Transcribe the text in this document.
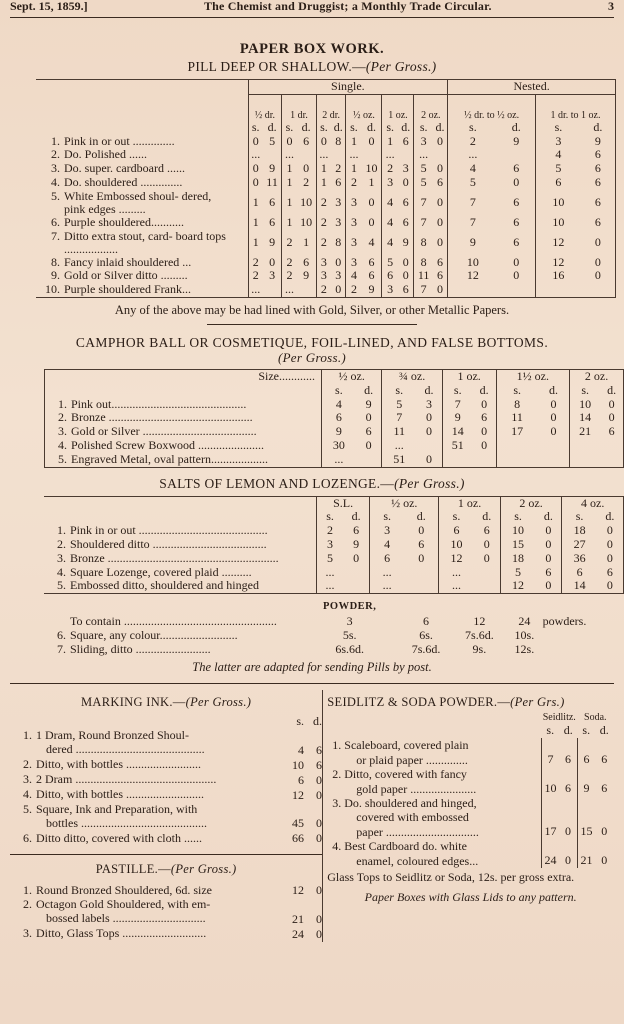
Sept. 15, 1859.]	The Chemist and Druggist; a Monthly Trade Circular.	3
PAPER BOX WORK.
PILL DEEP OR SHALLOW.—(Per Gross.)
	Single.												Nested.			
	½ dr.		1 dr.		2 dr.		½ oz.		1 oz.		2 oz.		½ dr. to ½ oz.		1 dr. to 1 oz.	
	s.	d.	s.	d.	s.	d.	s.	d.	s.	d.	s.	d.	s.	d.	s.	d.
1. Pink in or out ..............	0	5	0	6	0	8	1	0	1	6	3	0	2	9	3	9
2. Do. Polished ......	...		...		...		...		...		...		...		4	6
3. Do. super. cardboard ......	0	9	1	0	1	2	1	10	2	3	5	0	4	6	5	6
4. Do. shouldered ..............	0	11	1	2	1	6	2	1	3	0	5	6	5	0	6	6
5. White Embossed shoul- dered, pink edges .........	1	6	1	10	2	3	3	0	4	6	7	0	7	6	10	6
6. Purple shouldered...........	1	6	1	10	2	3	3	0	4	6	7	0	7	6	10	6
7. Ditto extra stout, card- board tops ..................	1	9	2	1	2	8	3	4	4	9	8	0	9	6	12	0
8. Fancy inlaid shouldered ...	2	0	2	6	3	0	3	6	5	0	8	6	10	0	12	0
9. Gold or Silver ditto .........	2	3	2	9	3	3	4	6	6	0	11	6	12	0	16	0
10. Purple shouldered Frank...	...		...		2	0	2	9	3	6	7	0				
Any of the above may be had lined with Gold, Silver, or other Metallic Papers.
CAMPHOR BALL OR COSMETIQUE, FOIL-LINED, AND FALSE BOTTOMS.
(Per Gross.)
Size............	½ oz.		¾ oz.		1 oz.		1½ oz.		2 oz.	
	s.	d.	s.	d.	s.	d.	s.	d.	s.	d.
1. Pink out.............................................	4	9	5	3	7	0	8	0	10	0
2. Bronze ................................................	6	0	7	0	9	6	11	0	14	0
3. Gold or Silver ......................................	9	6	11	0	14	0	17	0	21	6
4. Polished Screw Boxwood ......................	30	0	...		51	0				
5. Engraved Metal, oval pattern...................	...		51	0						
SALTS OF LEMON AND LOZENGE.—(Per Gross.)
	S.L.		½ oz.		1 oz.		2 oz.		4 oz.	
	s.	d.	s.	d.	s.	d.	s.	d.	s.	d.
1. Pink in or out ...........................................	2	6	3	0	6	6	10	0	18	0
2. Shouldered ditto ......................................	3	9	4	6	10	0	15	0	27	0
3. Bronze .........................................................	5	0	6	0	12	0	18	0	36	0
4. Square Lozenge, covered plaid ..........	...		...		...		5	6	6	6
5. Embossed ditto, shouldered and hinged	...		...		...		12	0	14	0
	POWDER,				
To contain ...................................................	3	6	12	24	powders.
6. Square, any colour..........................	5s.	6s.	7s.6d.	10s.	
7. Sliding, ditto .........................	6s.6d.	7s.6d.	9s.	12s.	
The latter are adapted for sending Pills by post.
MARKING INK.—(Per Gross.)
	s.	d.
1. 1 Dram, Round Bronzed Shoul-		
dered ...........................................	4	6
2. Ditto, with bottles .........................	10	6
3. 2 Dram ...............................................	6	0
4. Ditto, with bottles ..........................	12	0
5. Square, Ink and Preparation, with		
bottles ..........................................	45	0
6. Ditto ditto, covered with cloth ......	66	0
PASTILLE.—(Per Gross.)
1. Round Bronzed Shouldered, 6d. size	12	0
2. Octagon Gold Shouldered, with em-		
bossed labels ...............................	21	0
3. Ditto, Glass Tops ............................	24	0
SEIDLITZ & SODA POWDER.—(Per Grs.)
	Seidlitz.		Soda.	
	s.	d.	s.	d.
1. Scaleboard, covered plain				
or plaid paper ..............	7	6	6	6
2. Ditto, covered with fancy				
gold paper ......................	10	6	9	6
3. Do. shouldered and hinged,				
covered with embossed				
paper ...............................	17	0	15	0
4. Best Cardboard do. white				
enamel, coloured edges...	24	0	21	0
Glass Tops to Seidlitz or Soda, 12s. per gross extra.
Paper Boxes with Glass Lids to any pattern.
